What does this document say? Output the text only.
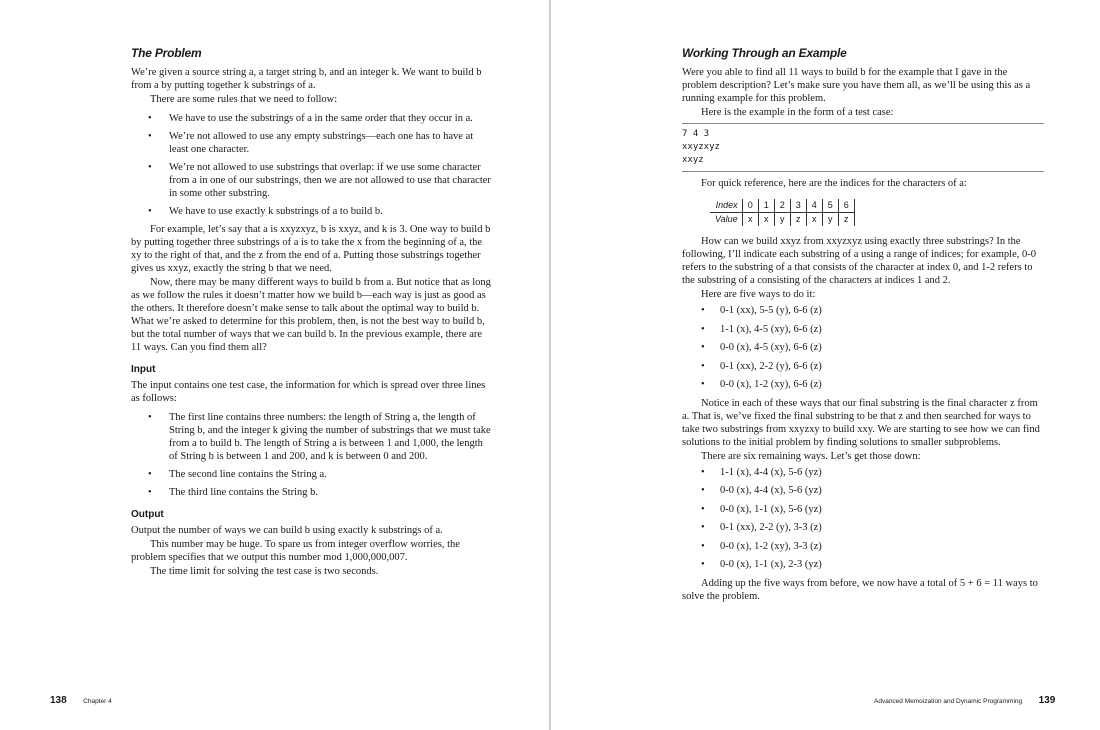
The Problem

We’re given a source string a, a target string b, and an integer k. We want to build b from a by putting together k substrings of a.

There are some rules that we need to follow:

• We have to use the substrings of a in the same order that they occur in a.
• We’re not allowed to use any empty substrings—each one has to have at least one character.
• We’re not allowed to use substrings that overlap: if we use some character from a in one of our substrings, then we are not allowed to use that character in some other substring.
• We have to use exactly k substrings of a to build b.

For example, let’s say that a is xxyzxyz, b is xxyz, and k is 3. One way to build b by putting together three substrings of a is to take the x from the beginning of a, the xy to the right of that, and the z from the end of a. Putting those substrings together gives us xxyz, exactly the string b that we need.

Now, there may be many different ways to build b from a. But notice that as long as we follow the rules it doesn’t matter how we build b—each way is just as good as the others. It therefore doesn’t make sense to talk about the optimal way to build b. What we’re asked to determine for this problem, then, is not the best way to build b, but the total number of ways that we can build b. In the previous example, there are 11 ways. Can you find them all?

Input

The input contains one test case, the information for which is spread over three lines as follows:

• The first line contains three numbers: the length of String a, the length of String b, and the integer k giving the number of substrings that we must take from a to build b. The length of String a is between 1 and 1,000, the length of String b is between 1 and 200, and k is between 0 and 200.
• The second line contains the String a.
• The third line contains the String b.
Output

Output the number of ways we can build b using exactly k substrings of a.

This number may be huge. To spare us from integer overflow worries, the problem specifies that we output this number mod 1,000,000,007.

The time limit for solving the test case is two seconds.

138	Chapter 4
Working Through an Example

Were you able to find all 11 ways to build b for the example that I gave in the problem description? Let’s make sure you have them all, as we’ll be using this as a running example for this problem.

Here is the example in the form of a test case:

7 4 3
xxyzxyz
xxyz

For quick reference, here are the indices for the characters of a:

Index	0	1	2	3	4	5	6
Value	x	x	y	z	x	y	z

How can we build xxyz from xxyzxyz using exactly three substrings? In the following, I’ll indicate each substring of a using a range of indices; for example, 0-0 refers to the substring of a that consists of the character at index 0, and 1-2 refers to the substring of a consisting of the characters at indices 1 and 2.

Here are five ways to do it:

• 0-1 (xx), 5-5 (y), 6-6 (z)
• 1-1 (x), 4-5 (xy), 6-6 (z)
• 0-0 (x), 4-5 (xy), 6-6 (z)
• 0-1 (xx), 2-2 (y), 6-6 (z)
• 0-0 (x), 1-2 (xy), 6-6 (z)

Notice in each of these ways that our final substring is the final character z from a. That is, we’ve fixed the final substring to be that z and then searched for ways to take two substrings from xxyzxy to build xxy. We are starting to see how we can find solutions to the initial problem by finding solutions to smaller subproblems.

There are six remaining ways. Let’s get those down:

• 1-1 (x), 4-4 (x), 5-6 (yz)
• 0-0 (x), 4-4 (x), 5-6 (yz)
• 0-0 (x), 1-1 (x), 5-6 (yz)
• 0-1 (xx), 2-2 (y), 3-3 (z)
• 0-0 (x), 1-2 (xy), 3-3 (z)
• 0-0 (x), 1-1 (x), 2-3 (yz)

Adding up the five ways from before, we now have a total of 5 + 6 = 11 ways to solve the problem.

Advanced Memoization and Dynamic Programming 139
